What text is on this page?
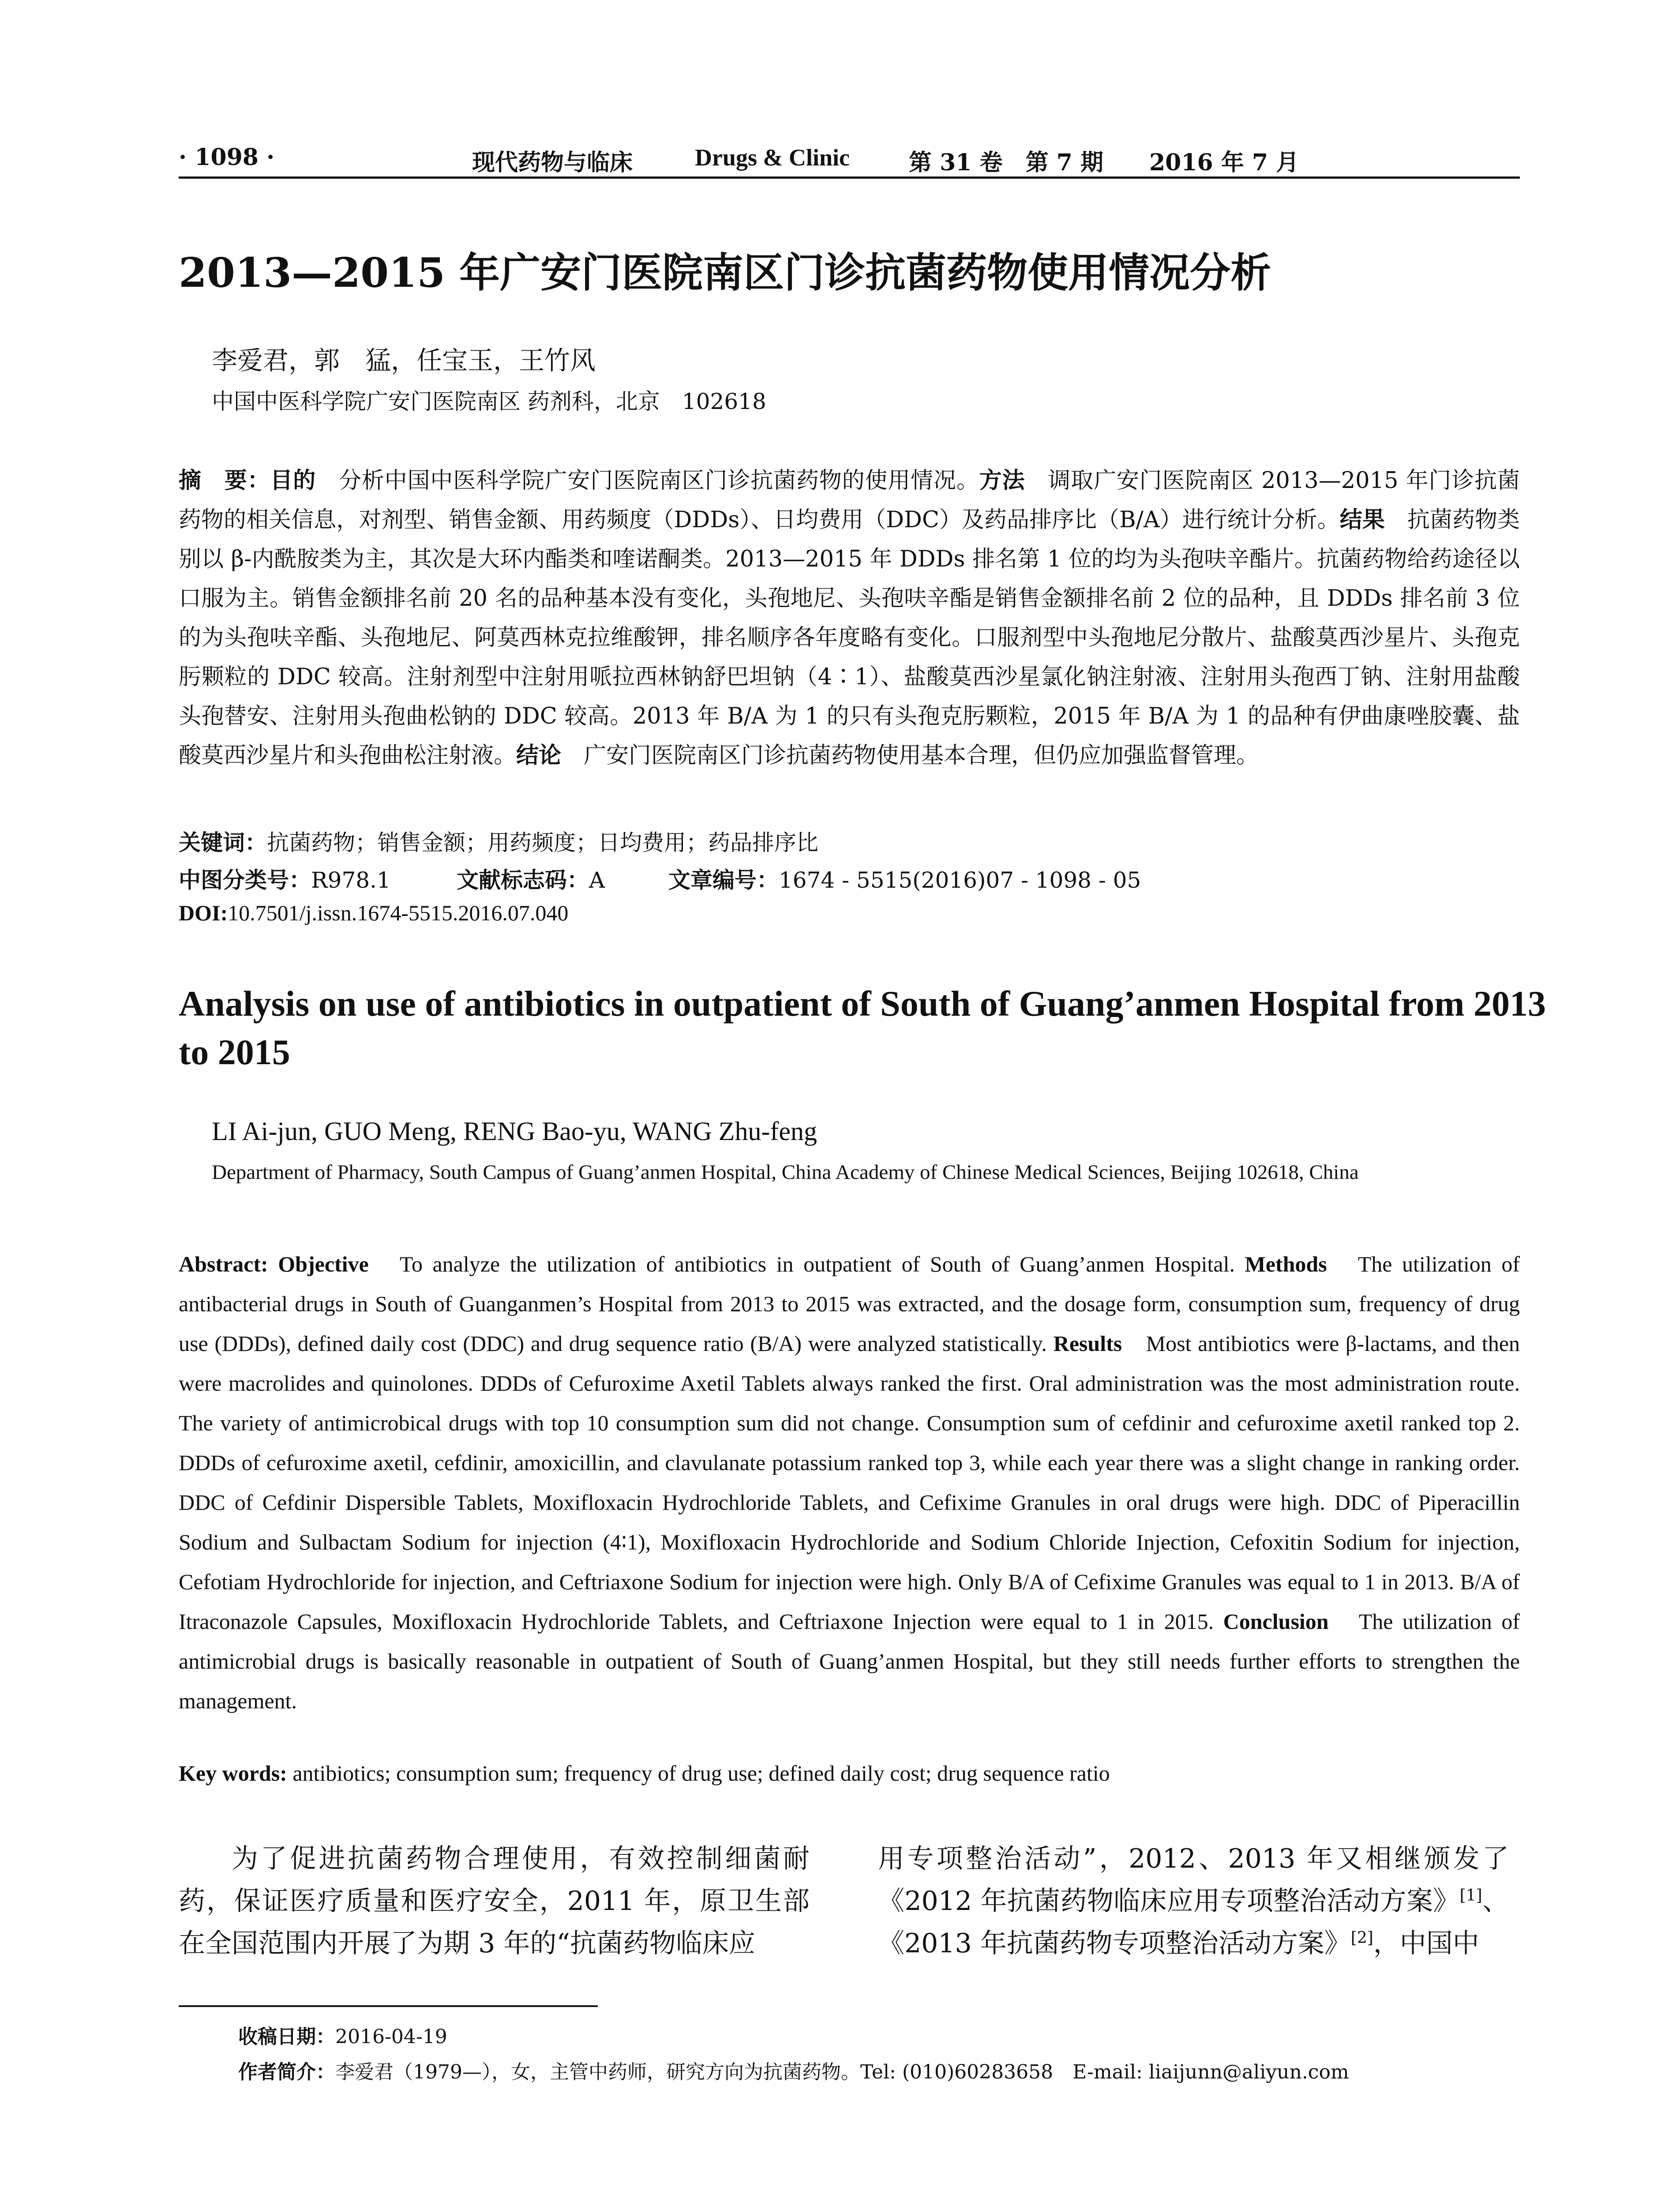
· 1098 ·	现代药物与临床	Drugs & Clinic	第 31 卷　第 7 期 2016 年 7 月
2013—2015 年广安门医院南区门诊抗菌药物使用情况分析
李爱君，郭　猛，任宝玉，王竹风
中国中医科学院广安门医院南区 药剂科，北京　102618

摘　要：目的　分析中国中医科学院广安门医院南区门诊抗菌药物的使用情况。方法　调取广安门医院南区 2013—2015 年门诊抗菌药物的相关信息，对剂型、销售金额、用药频度（DDDs）、日均费用（DDC）及药品排序比（B/A）进行统计分析。结果　抗菌药物类别以 β-内酰胺类为主，其次是大环内酯类和喹诺酮类。2013—2015 年 DDDs 排名第 1 位的均为头孢呋辛酯片。抗菌药物给药途径以口服为主。销售金额排名前 20 名的品种基本没有变化，头孢地尼、头孢呋辛酯是销售金额排名前 2 位的品种，且 DDDs 排名前 3 位的为头孢呋辛酯、头孢地尼、阿莫西林克拉维酸钾，排名顺序各年度略有变化。口服剂型中头孢地尼分散片、盐酸莫西沙星片、头孢克肟颗粒的 DDC 较高。注射剂型中注射用哌拉西林钠舒巴坦钠（4∶1）、盐酸莫西沙星氯化钠注射液、注射用头孢西丁钠、注射用盐酸头孢替安、注射用头孢曲松钠的 DDC 较高。2013 年 B/A 为 1 的只有头孢克肟颗粒，2015 年 B/A 为 1 的品种有伊曲康唑胶囊、盐酸莫西沙星片和头孢曲松注射液。结论　广安门医院南区门诊抗菌药物使用基本合理，但仍应加强监督管理。

关键词：抗菌药物；销售金额；用药频度；日均费用；药品排序比
中图分类号：R978.1	文献标志码：A	文章编号：1674 - 5515(2016)07 - 1098 - 05
DOI:10.7501/j.issn.1674-5515.2016.07.040
Analysis on use of antibiotics in outpatient of South of Guang’anmen Hospital from 2013 to 2015
LI Ai-jun, GUO Meng, RENG Bao-yu, WANG Zhu-feng
Department of Pharmacy, South Campus of Guang’anmen Hospital, China Academy of Chinese Medical Sciences, Beijing 102618, China

Abstract: Objective　To analyze the utilization of antibiotics in outpatient of South of Guang’anmen Hospital. Methods　The utilization of antibacterial drugs in South of Guanganmen’s Hospital from 2013 to 2015 was extracted, and the dosage form, consumption sum, frequency of drug use (DDDs), defined daily cost (DDC) and drug sequence ratio (B/A) were analyzed statistically. Results　Most antibiotics were β-lactams, and then were macrolides and quinolones. DDDs of Cefuroxime Axetil Tablets always ranked the first. Oral administration was the most administration route. The variety of antimicrobical drugs with top 10 consumption sum did not change. Consumption sum of cefdinir and cefuroxime axetil ranked top 2. DDDs of cefuroxime axetil, cefdinir, amoxicillin, and clavulanate potassium ranked top 3, while each year there was a slight change in ranking order. DDC of Cefdinir Dispersible Tablets, Moxifloxacin Hydrochloride Tablets, and Cefixime Granules in oral drugs were high. DDC of Piperacillin Sodium and Sulbactam Sodium for injection (4∶1), Moxifloxacin Hydrochloride and Sodium Chloride Injection, Cefoxitin Sodium for injection, Cefotiam Hydrochloride for injection, and Ceftriaxone Sodium for injection were high. Only B/A of Cefixime Granules was equal to 1 in 2013. B/A of Itraconazole Capsules, Moxifloxacin Hydrochloride Tablets, and Ceftriaxone Injection were equal to 1 in 2015. Conclusion　The utilization of antimicrobial drugs is basically reasonable in outpatient of South of Guang’anmen Hospital, but they still needs further efforts to strengthen the management.

Key words: antibiotics; consumption sum; frequency of drug use; defined daily cost; drug sequence ratio
为了促进抗菌药物合理使用，有效控制细菌耐药，保证医疗质量和医疗安全，2011 年，原卫生部在全国范围内开展了为期 3 年的“抗菌药物临床应
用专项整治活动”，2012、2013 年又相继颁发了《2012 年抗菌药物临床应用专项整治活动方案》[1]、《2013 年抗菌药物专项整治活动方案》[2]，中国中
收稿日期：2016-04-19
作者简介：李爱君（1979—），女，主管中药师，研究方向为抗菌药物。Tel: (010)60283658　E-mail: liaijunn@aliyun.com
